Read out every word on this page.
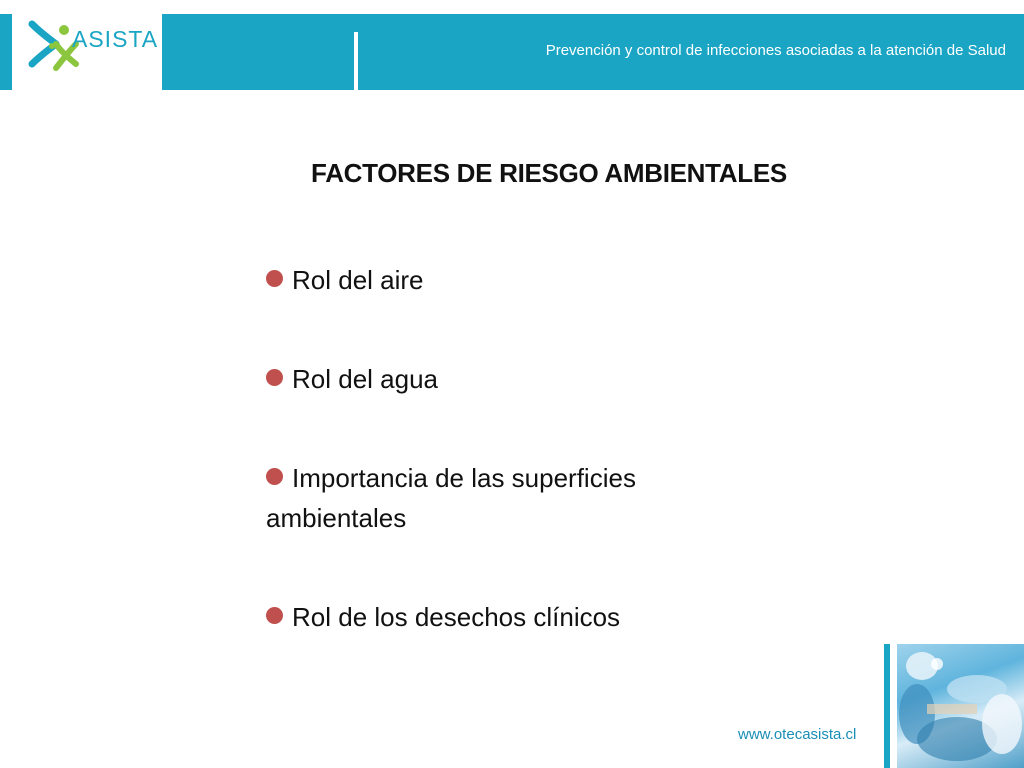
ASISTA	Prevención y control de infecciones asociadas a la atención de Salud
FACTORES DE RIESGO AMBIENTALES
Rol del aire
Rol del agua
Importancia de las superficies ambientales
Rol de los desechos clínicos
www.otecasista.cl
